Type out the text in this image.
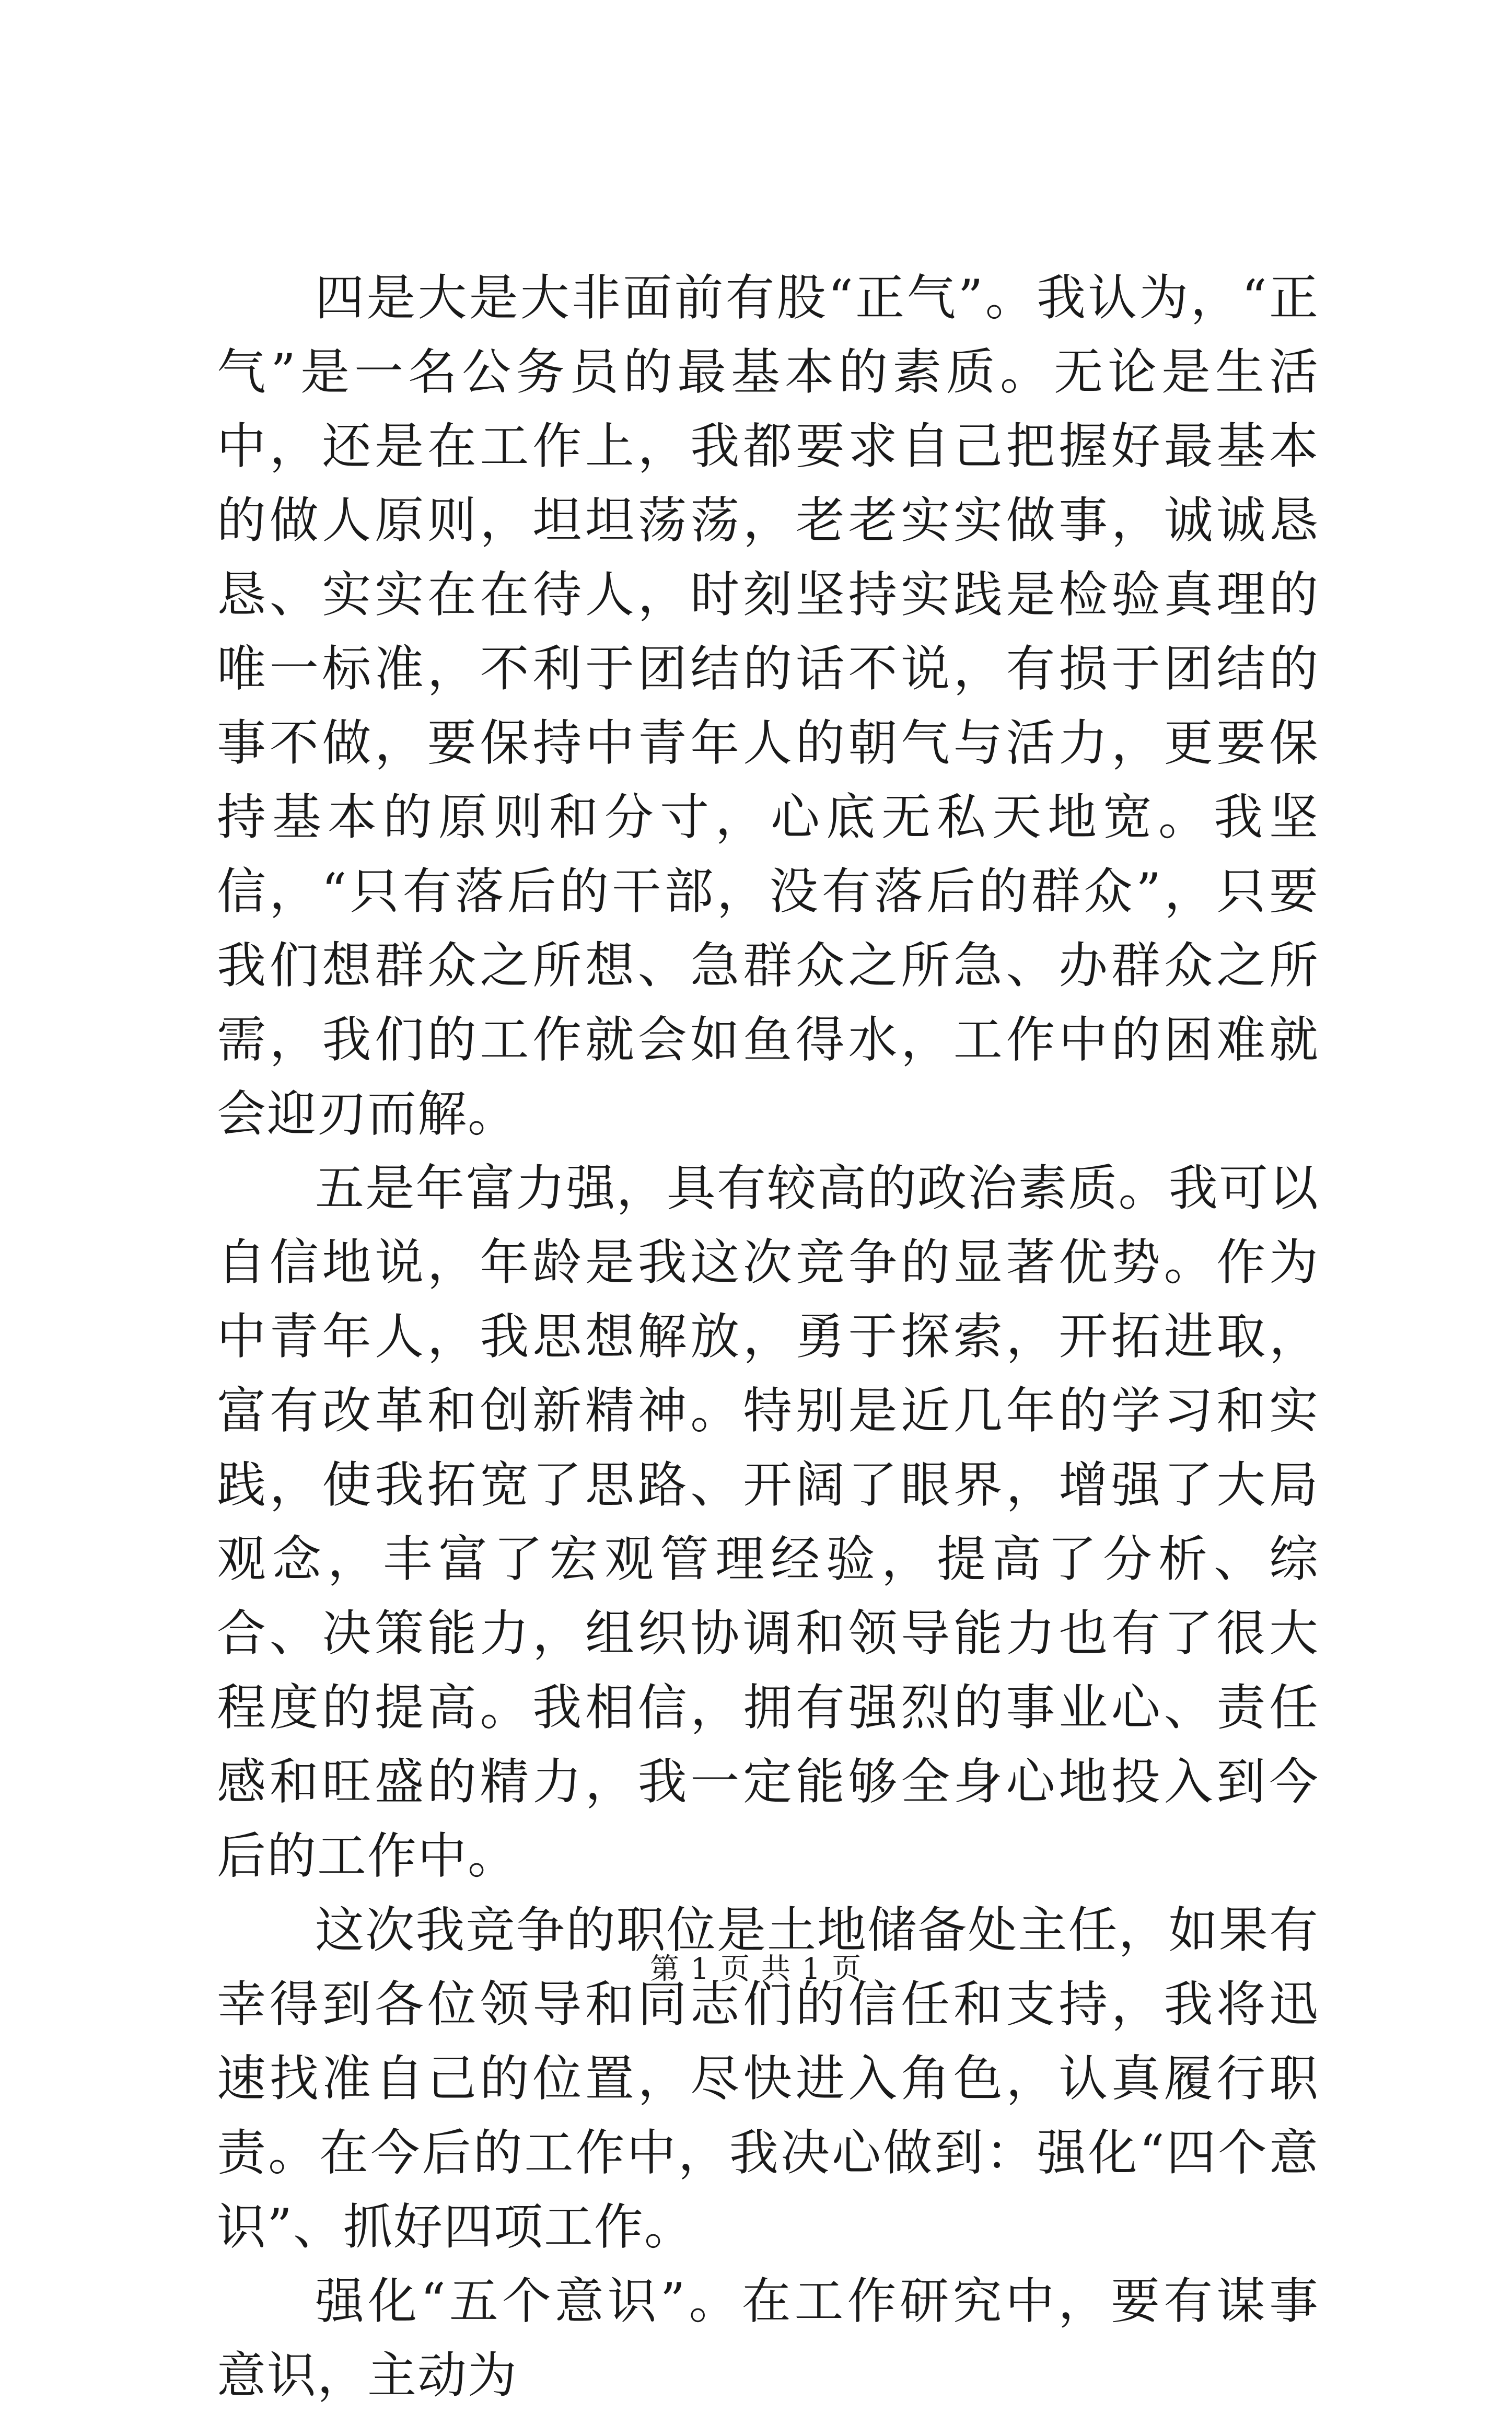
四是大是大非面前有股“正气”。我认为，“正气”是一名公务员的最基本的素质。无论是生活中，还是在工作上，我都要求自己把握好最基本的做人原则，坦坦荡荡，老老实实做事，诚诚恳恳、实实在在待人，时刻坚持实践是检验真理的唯一标准，不利于团结的话不说，有损于团结的事不做，要保持中青年人的朝气与活力，更要保持基本的原则和分寸，心底无私天地宽。我坚信，“只有落后的干部，没有落后的群众”，只要我们想群众之所想、急群众之所急、办群众之所需，我们的工作就会如鱼得水，工作中的困难就会迎刃而解。

五是年富力强，具有较高的政治素质。我可以自信地说，年龄是我这次竞争的显著优势。作为中青年人，我思想解放，勇于探索，开拓进取，富有改革和创新精神。特别是近几年的学习和实践，使我拓宽了思路、开阔了眼界，增强了大局观念，丰富了宏观管理经验，提高了分析、综合、决策能力，组织协调和领导能力也有了很大程度的提高。我相信，拥有强烈的事业心、责任感和旺盛的精力，我一定能够全身心地投入到今后的工作中。

这次我竞争的职位是土地储备处主任，如果有幸得到各位领导和同志们的信任和支持，我将迅速找准自己的位置，尽快进入角色，认真履行职责。在今后的工作中，我决心做到：强化“四个意识”、抓好四项工作。

强化“五个意识”。在工作研究中，要有谋事意识，主动为

第 1 页 共 1 页
